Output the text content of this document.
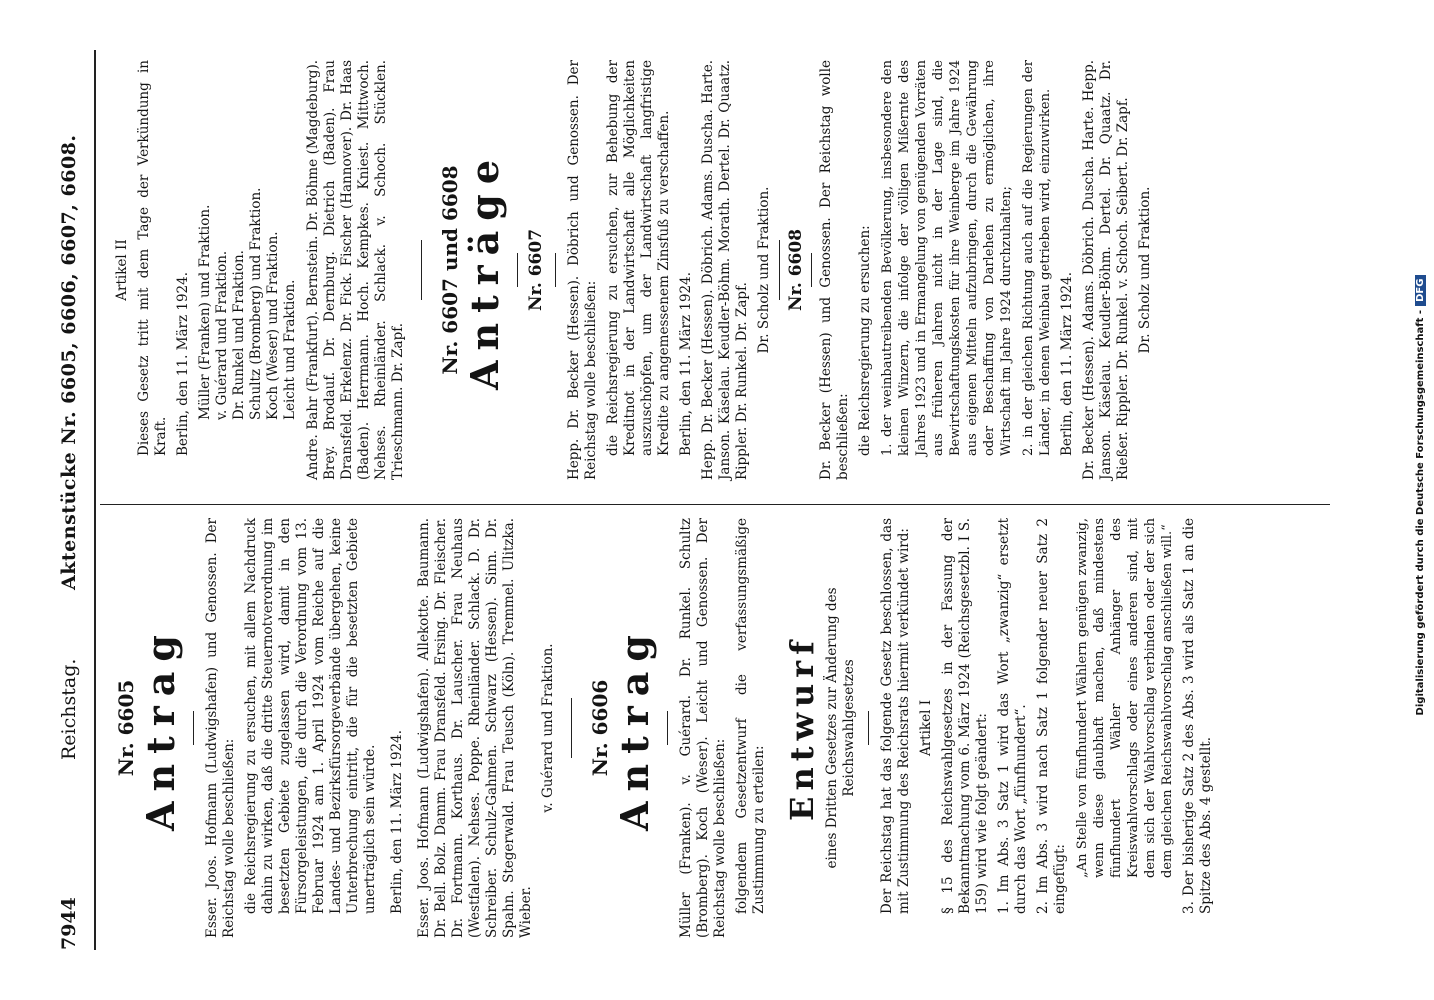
7944
Reichstag.
Aktenstücke Nr. 6605, 6606, 6607, 6608.
Nr. 6605 Antrag Esser. Joos. Hofmann (Ludwigshafen) und Genossen. Der Reichstag wolle beschließen: die Reichsregierung zu ersuchen, mit allem Nachdruck dahin zu wirken, daß die dritte Steuernotverordnung im besetzten Gebiete zugelassen wird, damit in den Fürsorgeleistungen, die durch die Verordnung vom 13. Februar 1924 am 1. April 1924 vom Reiche auf die Landes- und Bezirksfürsorgeverbände übergehen, keine Unterbrechung eintritt, die für die besetzten Gebiete unerträglich sein würde. Berlin, den 11. März 1924. Esser. Joos. Hofmann (Ludwigshafen). Allekotte. Baumann. Dr. Bell. Bolz. Damm. Frau Dransfeld. Ersing. Dr. Fleischer. Dr. Fortmann. Korthaus. Dr. Lauscher. Frau Neuhaus (Westfalen). Nehses. Poppe. Rheinländer. Schlack. D. Dr. Schreiber. Schulz-Gahmen. Schwarz (Hessen). Sinn. Dr. Spahn. Stegerwald. Frau Teusch (Köln). Tremmel. Ulitzka. Wieber.

v. Guérard und Fraktion. Nr. 6606 Antrag Müller (Franken). v. Guérard. Dr. Runkel. Schultz (Bromberg). Koch (Weser). Leicht und Genossen. Der Reichstag wolle beschließen: folgendem Gesetzentwurf die verfassungsmäßige Zustimmung zu erteilen:

Entwurf eines Dritten Gesetzes zur Änderung des Reichswahlgesetzes Der Reichstag hat das folgende Gesetz beschlossen, das mit Zustimmung des Reichsrats hiermit verkündet wird: Artikel I § 15 des Reichswahlgesetzes in der Fassung der Bekanntmachung vom 6. März 1924 (Reichsgesetzbl. I S. 159) wird wie folgt geändert: 1. Im Abs. 3 Satz 1 wird das Wort „zwanzig“ ersetzt durch das Wort „fünfhundert“. 2. Im Abs. 3 wird nach Satz 1 folgender neuer Satz 2 eingefügt:

„An Stelle von fünfhundert Wählern genügen zwanzig, wenn diese glaubhaft machen, daß mindestens fünfhundert Wähler Anhänger des Kreiswahlvorschlags oder eines anderen sind, mit dem sich der Wahlvorschlag verbinden oder der sich dem gleichen Reichswahlvorschlag anschließen will.“ 3. Der bisherige Satz 2 des Abs. 3 wird als Satz 1 an die Spitze des Abs. 4 gestellt.

Artikel II Dieses Gesetz tritt mit dem Tage der Verkündung in Kraft. Berlin, den 11. März 1924. Müller (Franken) und Fraktion. v. Guérard und Fraktion. Dr. Runkel und Fraktion. Schultz (Bromberg) und Fraktion. Koch (Weser) und Fraktion. Leicht und Fraktion. Andre. Bahr (Frankfurt). Bernstein. Dr. Böhme (Magdeburg). Brey. Brodauf. Dr. Dernburg. Dietrich (Baden). Frau Dransfeld. Erkelenz. Dr. Fick. Fischer (Hannover). Dr. Haas (Baden). Herrmann. Hoch. Kempkes. Kniest. Mittwoch. Nehses. Rheinländer. Schlack. v. Schoch. Stücklen. Trieschmann. Dr. Zapf.

Nr. 6607 und 6608 Anträge Nr. 6607 Hepp. Dr. Becker (Hessen). Döbrich und Genossen. Der Reichstag wolle beschließen: die Reichsregierung zu ersuchen, zur Behebung der Kreditnot in der Landwirtschaft alle Möglichkeiten auszuschöpfen, um der Landwirtschaft langfristige Kredite zu angemessenem Zinsfuß zu verschaffen. Berlin, den 11. März 1924. Hepp. Dr. Becker (Hessen). Döbrich. Adams. Duscha. Harte. Janson. Käselau. Keudler-Böhm. Morath. Dertel. Dr. Quaatz. Rippler. Dr. Runkel. Dr. Zapf.

Dr. Scholz und Fraktion. Nr. 6608 Dr. Becker (Hessen) und Genossen. Der Reichstag wolle beschließen: die Reichsregierung zu ersuchen: 1. der weinbautreibenden Bevölkerung, insbesondere den kleinen Winzern, die infolge der völligen Mißernte des Jahres 1923 und in Ermangelung von genügenden Vorräten aus früheren Jahren nicht in der Lage sind, die Bewirtschaftungskosten für ihre Weinberge im Jahre 1924 aus eigenen Mitteln aufzubringen, durch die Gewährung oder Beschaffung von Darlehen zu ermöglichen, ihre Wirtschaft im Jahre 1924 durchzuhalten; 2. in der gleichen Richtung auch auf die Regierungen der Länder, in denen Weinbau getrieben wird, einzuwirken. Berlin, den 11. März 1924. Dr. Becker (Hessen). Adams. Döbrich. Duscha. Harte. Hepp. Janson. Käselau. Keudler-Böhm. Dertel. Dr. Quaatz. Dr. Rießer. Rippler. Dr. Runkel. v. Schoch. Seibert. Dr. Zapf. Dr. Scholz und Fraktion.

Digitalisierung gefördert durch die Deutsche Forschungsgemeinschaft -DFG
